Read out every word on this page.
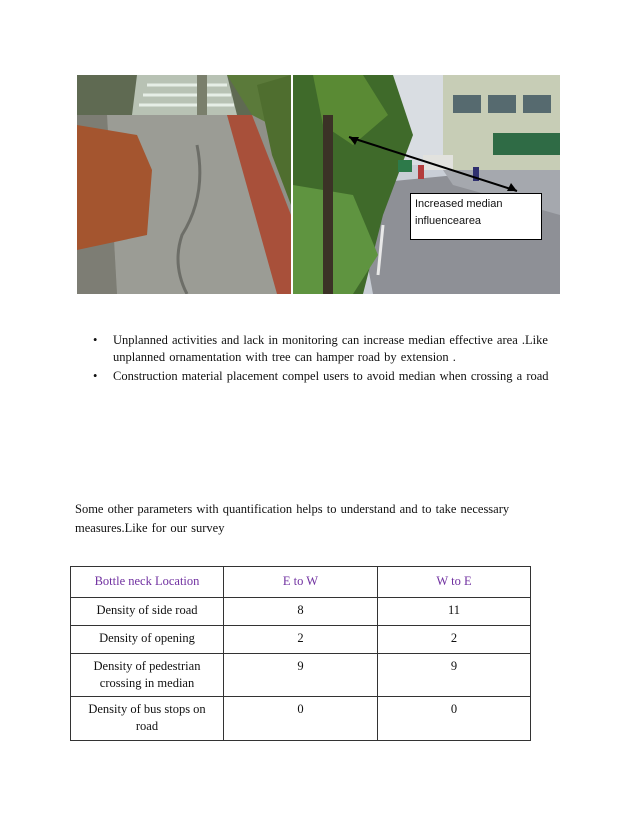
Increased median
influencearea
• Unplanned activities and lack in monitoring can increase median effective area .Like
unplanned ornamentation with tree can hamper road by extension .
• Construction material placement compel users to avoid median when crossing a road
Some other parameters with quantification helps to understand and to take necessary
measures.Like for our survey
Bottle neck Location	E to W	W to E

Density of side road	8	11

Density of opening	2	2

Density of pedestrian
crossing in median	9	9

Density of bus stops on
road	0	0
